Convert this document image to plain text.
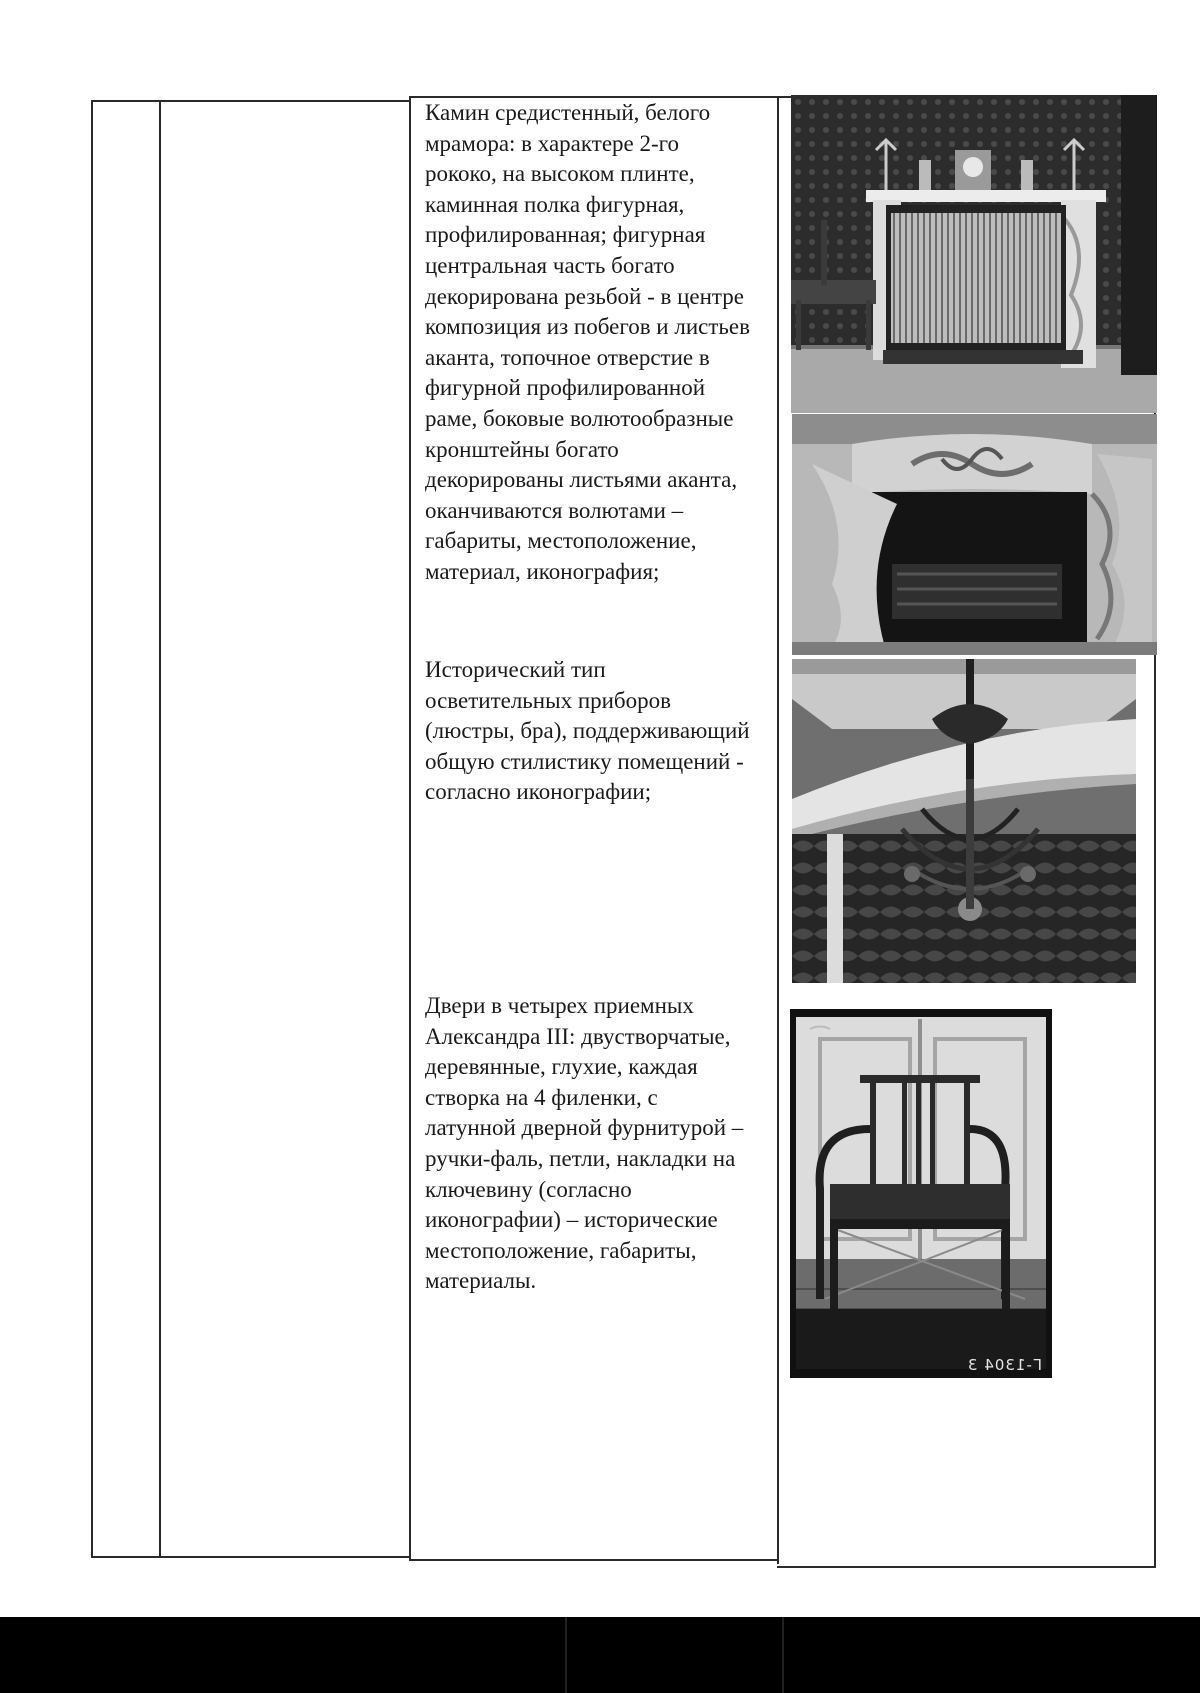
Камин средистенный, белого
мрамора: в характере 2-го
рококо, на высоком плинте,
каминная полка фигурная,
профилированная; фигурная
центральная часть богато
декорирована резьбой - в центре
композиция из побегов и листьев
аканта, топочное отверстие в
фигурной профилированной
раме, боковые волютообразные
кронштейны богато
декорированы листьями аканта,
оканчиваются волютами –
габариты, местоположение,
материал, иконография;
Исторический тип
осветительных приборов
(люстры, бра), поддерживающий
общую стилистику помещений -
согласно иконографии;
Двери в четырех приемных
Александра III: двустворчатые,
деревянные, глухие, каждая
створка на 4 филенки, с
латунной дверной фурнитурой –
ручки-фаль, петли, накладки на
ключевину (согласно
иконографии) – исторические
местоположение, габариты,
материалы.
Г-1304 3
